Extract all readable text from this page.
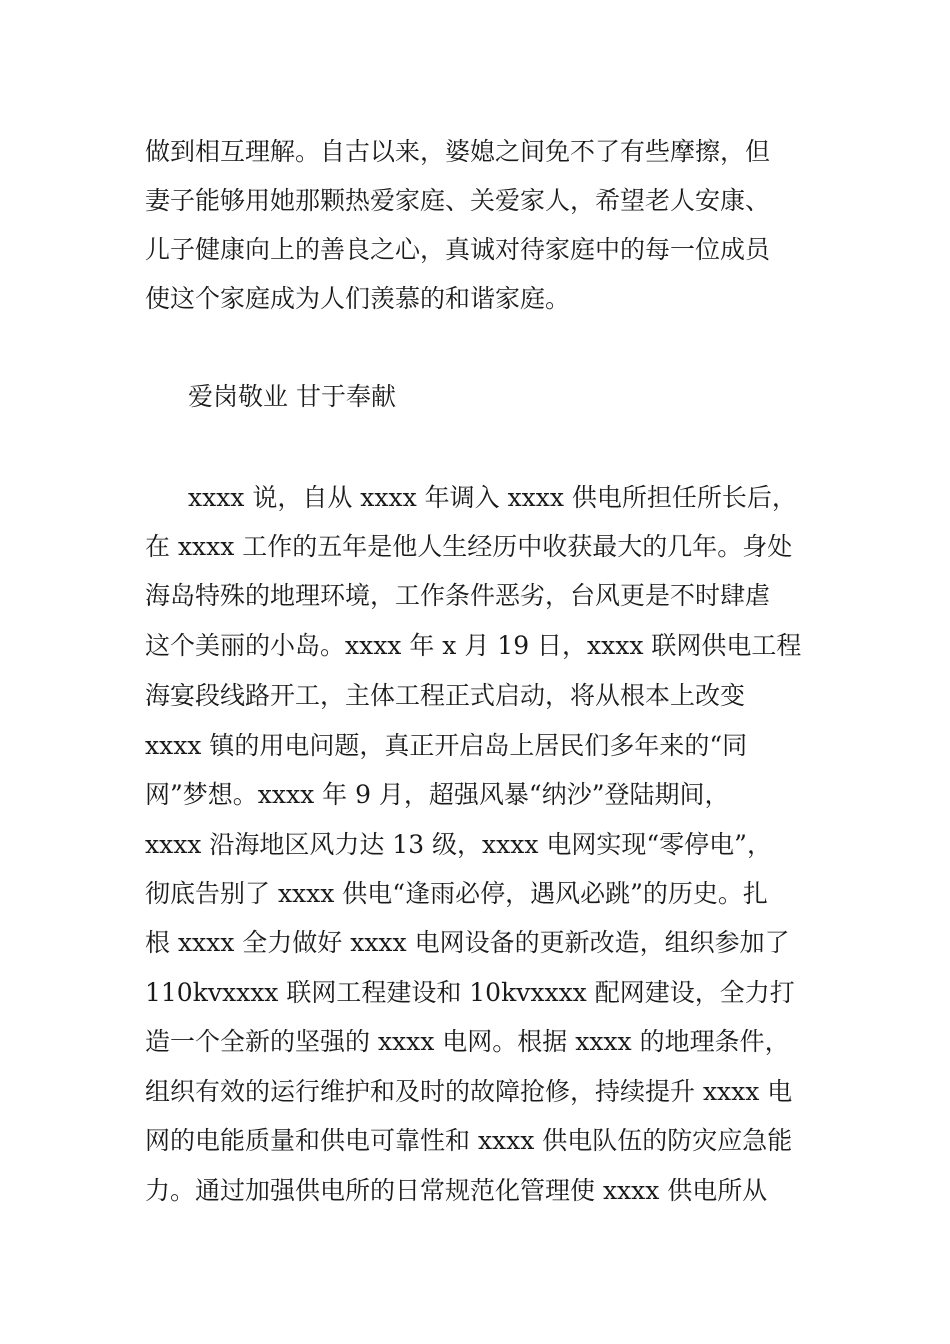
做到相互理解。自古以来，婆媳之间免不了有些摩擦，但
妻子能够用她那颗热爱家庭、关爱家人，希望老人安康、
儿子健康向上的善良之心，真诚对待家庭中的每一位成员
使这个家庭成为人们羡慕的和谐家庭。
爱岗敬业 甘于奉献
xxxx 说，自从 xxxx 年调入 xxxx 供电所担任所长后，
在 xxxx 工作的五年是他人生经历中收获最大的几年。身处
海岛特殊的地理环境，工作条件恶劣，台风更是不时肆虐
这个美丽的小岛。xxxx 年 x 月 19 日，xxxx 联网供电工程
海宴段线路开工，主体工程正式启动，将从根本上改变
xxxx 镇的用电问题，真正开启岛上居民们多年来的“同
网”梦想。xxxx 年 9 月，超强风暴“纳沙”登陆期间，
xxxx 沿海地区风力达 13 级，xxxx 电网实现“零停电”，
彻底告别了 xxxx 供电“逢雨必停，遇风必跳”的历史。扎
根 xxxx 全力做好 xxxx 电网设备的更新改造，组织参加了
110kvxxxx 联网工程建设和 10kvxxxx 配网建设，全力打
造一个全新的坚强的 xxxx 电网。根据 xxxx 的地理条件，
组织有效的运行维护和及时的故障抢修，持续提升 xxxx 电
网的电能质量和供电可靠性和 xxxx 供电队伍的防灾应急能
力。通过加强供电所的日常规范化管理使 xxxx 供电所从
